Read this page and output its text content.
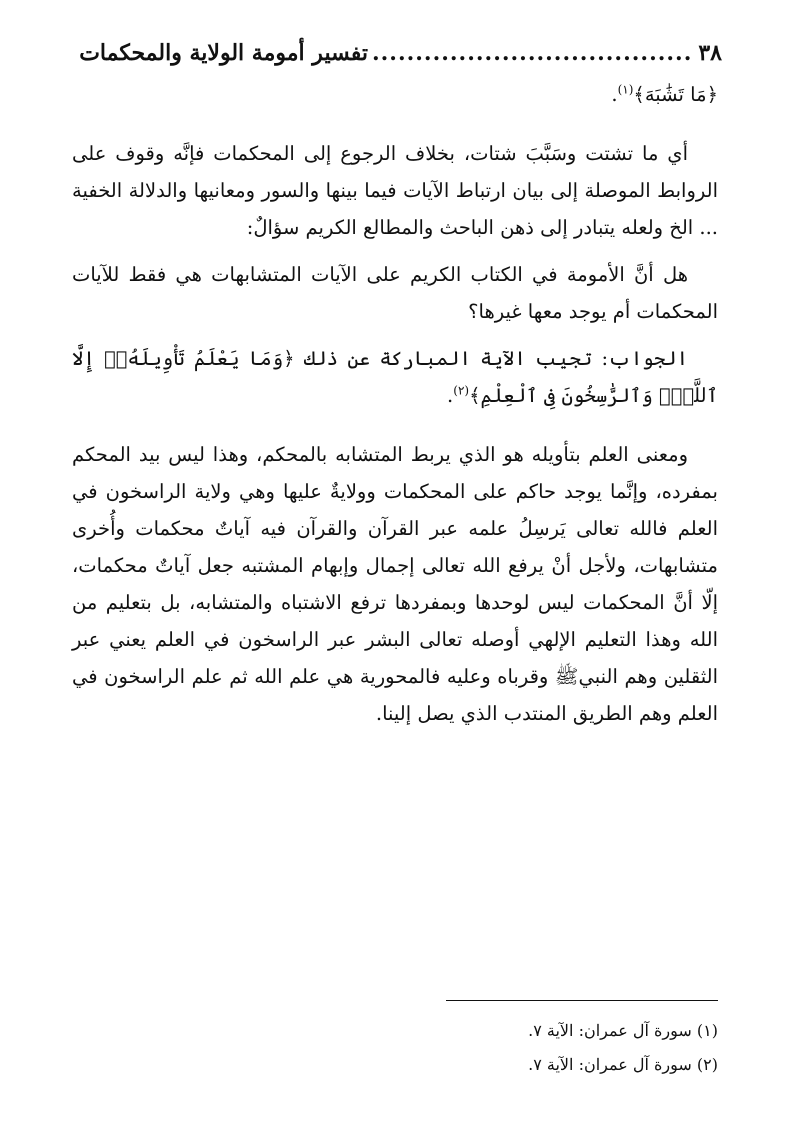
٣٨
.....................................
تفسير أمومة الولاية والمحكمات

﴿مَا تَشَٰبَهَ﴾$^{(١)}$.

أي ما تشتت وسَبَّبَ شتات، بخلاف الرجوع إلى المحكمات فإنَّه وقوف على الروابط الموصلة إلى بيان ارتباط الآيات فيما بينها والسور ومعانيها والدلالة الخفية ... الخ ولعله يتبادر إلى ذهن الباحث والمطالع الكريم سؤالٌ:

هل أنَّ الأمومة في الكتاب الكريم على الآيات المتشابهات هي فقط للآيات المحكمات أم يوجد معها غيرها؟

الجواب: تجيب الآية المباركة عن ذلك ﴿وَمَا يَعْلَمُ تَأْوِيلَهُۥٓ إِلَّا ٱللَّهُۗ وَٱلرَّٰسِخُونَ فِى ٱلْعِلْمِ﴾$^{(٢)}$.

ومعنى العلم بتأويله هو الذي يربط المتشابه بالمحكم، وهذا ليس بيد المحكم بمفرده، وإنَّما يوجد حاكم على المحكمات وولايةٌ عليها وهي ولاية الراسخون في العلم فالله تعالى يَرسِلُ علمه عبر القرآن والقرآن فيه آياتٌ محكمات وأُخرى متشابهات، ولأجل أنْ يرفع الله تعالى إجمال وإبهام المشتبه جعل آياتٌ محكمات، إلّا أنَّ المحكمات ليس لوحدها وبمفردها ترفع الاشتباه والمتشابه، بل بتعليم من الله وهذا التعليم الإلهي أوصله تعالى البشر عبر الراسخون في العلم يعني عبر الثقلين وهم النبيﷺ وقرباه وعليه فالمحورية هي علم الله ثم علم الراسخون في العلم وهم الطريق المنتدب الذي يصل إلينا.

(١) سورة آل عمران: الآية ٧.
(٢) سورة آل عمران: الآية ٧.
